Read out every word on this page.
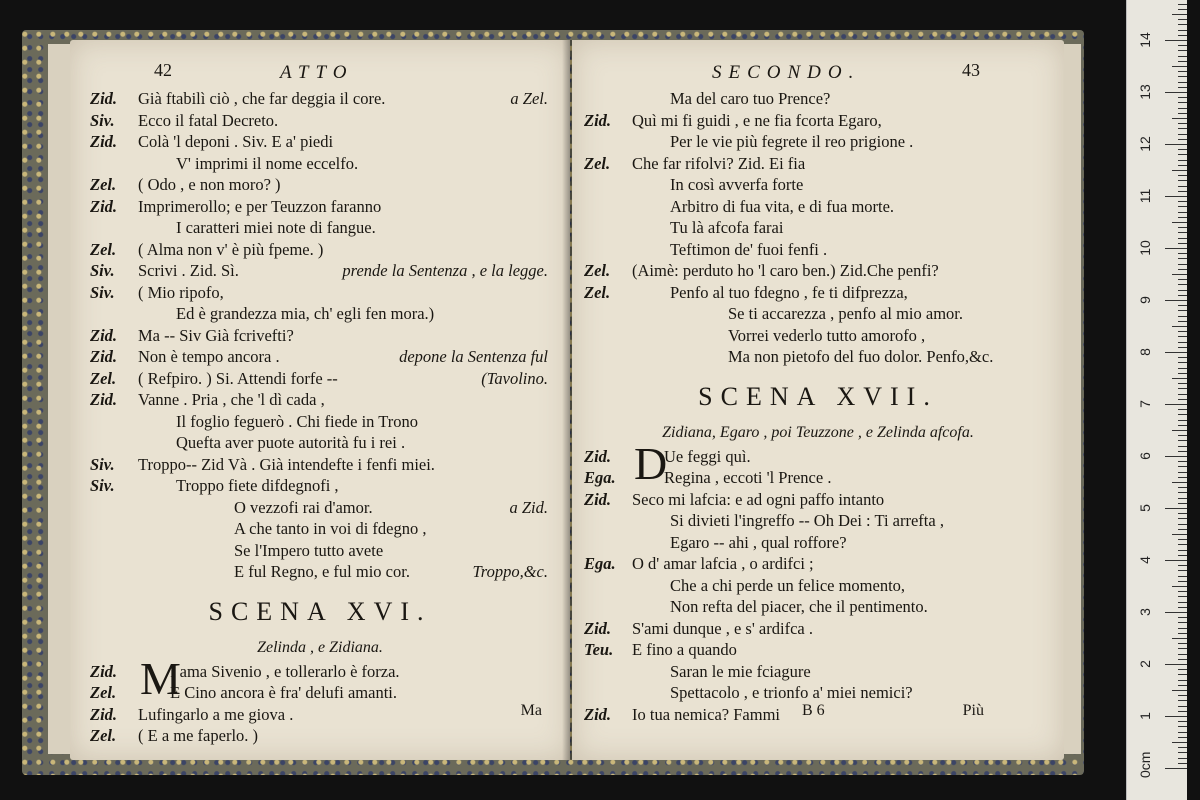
42	ATTO
Zid. Già ftabilì ciò , che far deggia il core.	a Zel.
Siv. Ecco il fatal Decreto.
Zid. Colà 'l deponi . Siv. E a' piedi
V' imprimi il nome eccelfo.
Zel. ( Odo , e non moro? )
Zid. Imprimerollo; e per Teuzzon faranno
I caratteri miei note di fangue.
Zel. ( Alma non v' è più fpeme. )
Siv. Scrivi . Zid. Sì.	prende la Sentenza , e la legge.
Siv. ( Mio ripofo,
Ed è grandezza mia, ch' egli fen mora.)
Zid. Ma -- Siv Già fcrivefti?
Zid. Non è tempo ancora .	depone la Sentenza ful
Zel. ( Refpiro. ) Si. Attendi forfe --	(Tavolino.
Zid. Vanne . Pria , che 'l dì cada ,
Il foglio feguerò . Chi fiede in Trono
Quefta aver puote autorità fu i rei .
Siv. Troppo-- Zid Và . Già intendefte i fenfi miei.
Siv.	Troppo fiete difdegnofi ,
O vezzofi rai d'amor.	a Zid.
A che tanto in voi di fdegno ,
Se l'Impero tutto avete
E ful Regno, e ful mio cor.	Troppo,&c.
SCENA XVI.
Zelinda , e Zidiana.
Zid.	I ama Sivenio , e tollerarlo è forza.
M
Zel.	E Cino ancora è fra' delufi amanti.
Zid. Lufingarlo a me giova .
Zel. ( E a me faperlo. )
Ma
SECONDO.	43
Ma del caro tuo Prence?
Zid. Quì mi fi guidi , e ne fia fcorta Egaro,
Per le vie più fegrete il reo prigione .
Zel. Che far rifolvi? Zid. Ei fia
In così avverfa forte
Arbitro di fua vita, e di fua morte.
Tu là afcofa farai
Teftimon de' fuoi fenfi .
Zel. (Aimè: perduto ho 'l caro ben.) Zid.Che penfi?
Zel.	Penfo al tuo fdegno , fe ti difprezza,
Se ti accarezza , penfo al mio amor.
Vorrei vederlo tutto amorofo ,
Ma non pietofo del fuo dolor. Penfo,&c.
SCENA XVII.
Zidiana, Egaro , poi Teuzzone , e Zelinda afcofa.
Zid.	Ue feggi quì.
D
Ega.	Regina , eccoti 'l Prence .
Zid. Seco mi lafcia: e ad ogni paffo intanto
Si divieti l'ingreffo -- Oh Dei : Ti arrefta ,
Egaro -- ahi , qual roffore?
Ega. O d' amar lafcia , o ardifci ;
Che a chi perde un felice momento,
Non refta del piacer, che il pentimento.
Zid. S'ami dunque , e s' ardifca .
Teu. E fino a quando
Saran le mie fciagure
Spettacolo , e trionfo a' miei nemici?
Zid. Io tua nemica? Fammi B 6	Più
0cm
1
2
3
4
5
6
7
8
9
10
11
12
13
14
